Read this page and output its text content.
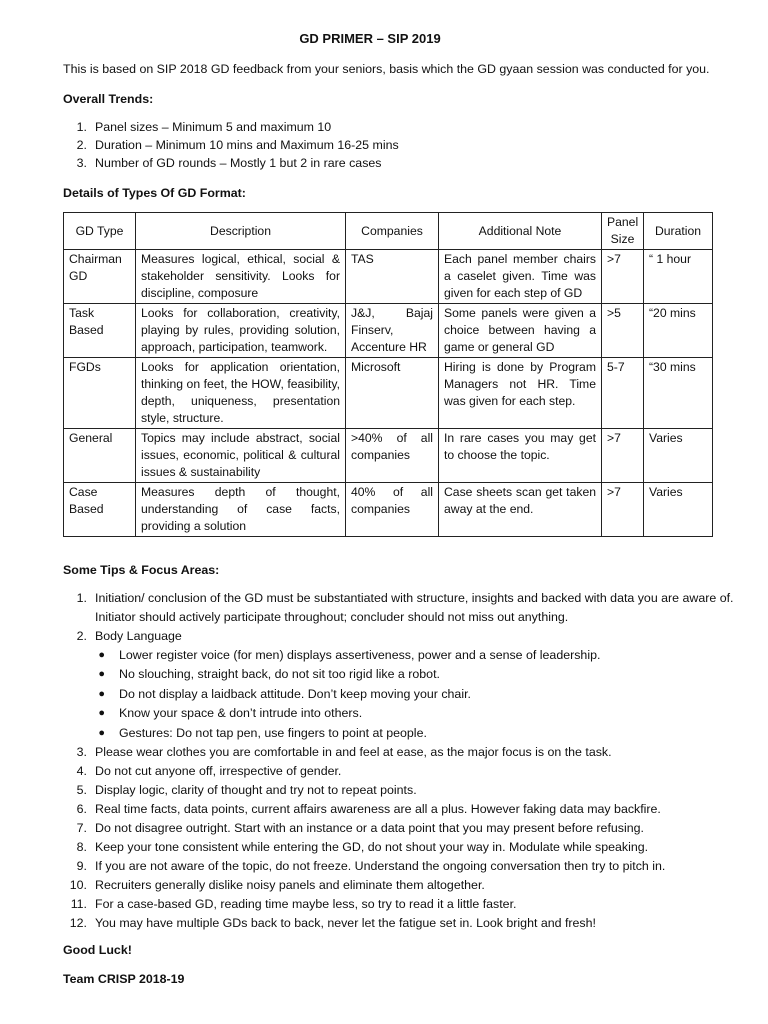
GD PRIMER – SIP 2019
This is based on SIP 2018 GD feedback from your seniors, basis which the GD gyaan session was conducted for you.
Overall Trends:
1. Panel sizes – Minimum 5 and maximum 10
2. Duration – Minimum 10 mins and Maximum 16-25 mins
3. Number of GD rounds – Mostly 1 but 2 in rare cases
Details of Types Of GD Format:
GD Type	Description	Companies	Additional Note	Panel Size	Duration
Chairman GD	Measures logical, ethical, social & stakeholder sensitivity. Looks for discipline, composure	TAS	Each panel member chairs a caselet given. Time was given for each step of GD	>7	“ 1 hour
Task Based	Looks for collaboration, creativity, playing by rules, providing solution, approach, participation, teamwork.	J&J, Bajaj Finserv, Accenture HR	Some panels were given a choice between having a game or general GD	>5	“20 mins
FGDs	Looks for application orientation, thinking on feet, the HOW, feasibility, depth, uniqueness, presentation style, structure.	Microsoft	Hiring is done by Program Managers not HR. Time was given for each step.	5-7	“30 mins
General	Topics may include abstract, social issues, economic, political & cultural issues & sustainability	>40% of all companies	In rare cases you may get to choose the topic.	>7	Varies
Case Based	Measures depth of thought, understanding of case facts, providing a solution	40% of all companies	Case sheets scan get taken away at the end.	>7	Varies
Some Tips & Focus Areas:
1. Initiation/ conclusion of the GD must be substantiated with structure, insights and backed with data you are aware of. Initiator should actively participate throughout; concluder should not miss out anything.
2. Body Language
●	Lower register voice (for men) displays assertiveness, power and a sense of leadership.
●	No slouching, straight back, do not sit too rigid like a robot.
●	Do not display a laidback attitude. Don’t keep moving your chair.
●	Know your space & don’t intrude into others.
●	Gestures: Do not tap pen, use fingers to point at people.
3. Please wear clothes you are comfortable in and feel at ease, as the major focus is on the task.
4. Do not cut anyone off, irrespective of gender.
5. Display logic, clarity of thought and try not to repeat points.
6. Real time facts, data points, current affairs awareness are all a plus. However faking data may backfire.
7. Do not disagree outright. Start with an instance or a data point that you may present before refusing.
8. Keep your tone consistent while entering the GD, do not shout your way in. Modulate while speaking.
9. If you are not aware of the topic, do not freeze. Understand the ongoing conversation then try to pitch in.
10. Recruiters generally dislike noisy panels and eliminate them altogether.
11. For a case-based GD, reading time maybe less, so try to read it a little faster.
12. You may have multiple GDs back to back, never let the fatigue set in. Look bright and fresh!
Good Luck!
Team CRISP 2018-19
